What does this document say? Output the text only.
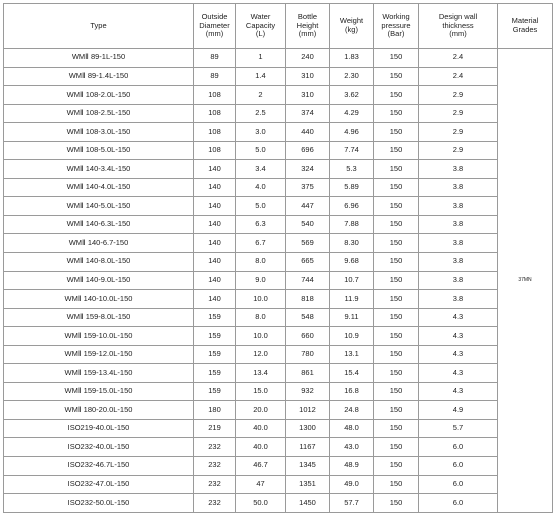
Type	Outside
Diameter
(mm)	Water
Capacity
(L)	Bottle
Height
(mm)	Weight
(kg)	Working
pressure
(Bar)	Design wall
thickness
(mm)	Material
Grades
WMⅡ 89-1L-150	89	1	240	1.83	150	2.4	37MN
WMⅡ 89-1.4L-150	89	1.4	310	2.30	150	2.4	
WMⅡ 108-2.0L-150	108	2	310	3.62	150	2.9	
WMⅡ 108-2.5L-150	108	2.5	374	4.29	150	2.9	
WMⅡ 108-3.0L-150	108	3.0	440	4.96	150	2.9	
WMⅡ 108-5.0L-150	108	5.0	696	7.74	150	2.9	
WMⅡ 140-3.4L-150	140	3.4	324	5.3	150	3.8	
WMⅡ 140-4.0L-150	140	4.0	375	5.89	150	3.8	
WMⅡ 140-5.0L-150	140	5.0	447	6.96	150	3.8	
WMⅡ 140-6.3L-150	140	6.3	540	7.88	150	3.8	
WMⅡ 140-6.7-150	140	6.7	569	8.30	150	3.8	
WMⅡ 140-8.0L-150	140	8.0	665	9.68	150	3.8	
WMⅡ 140-9.0L-150	140	9.0	744	10.7	150	3.8	
WMⅡ 140-10.0L-150	140	10.0	818	11.9	150	3.8	
WMⅡ 159-8.0L-150	159	8.0	548	9.11	150	4.3	
WMⅡ 159-10.0L-150	159	10.0	660	10.9	150	4.3	
WMⅡ 159-12.0L-150	159	12.0	780	13.1	150	4.3	
WMⅡ 159-13.4L-150	159	13.4	861	15.4	150	4.3	
WMⅡ 159-15.0L-150	159	15.0	932	16.8	150	4.3	
WMⅡ 180-20.0L-150	180	20.0	1012	24.8	150	4.9	
ISO219-40.0L-150	219	40.0	1300	48.0	150	5.7	
ISO232-40.0L-150	232	40.0	1167	43.0	150	6.0	
ISO232-46.7L-150	232	46.7	1345	48.9	150	6.0	
ISO232-47.0L-150	232	47	1351	49.0	150	6.0	
ISO232-50.0L-150	232	50.0	1450	57.7	150	6.0	
